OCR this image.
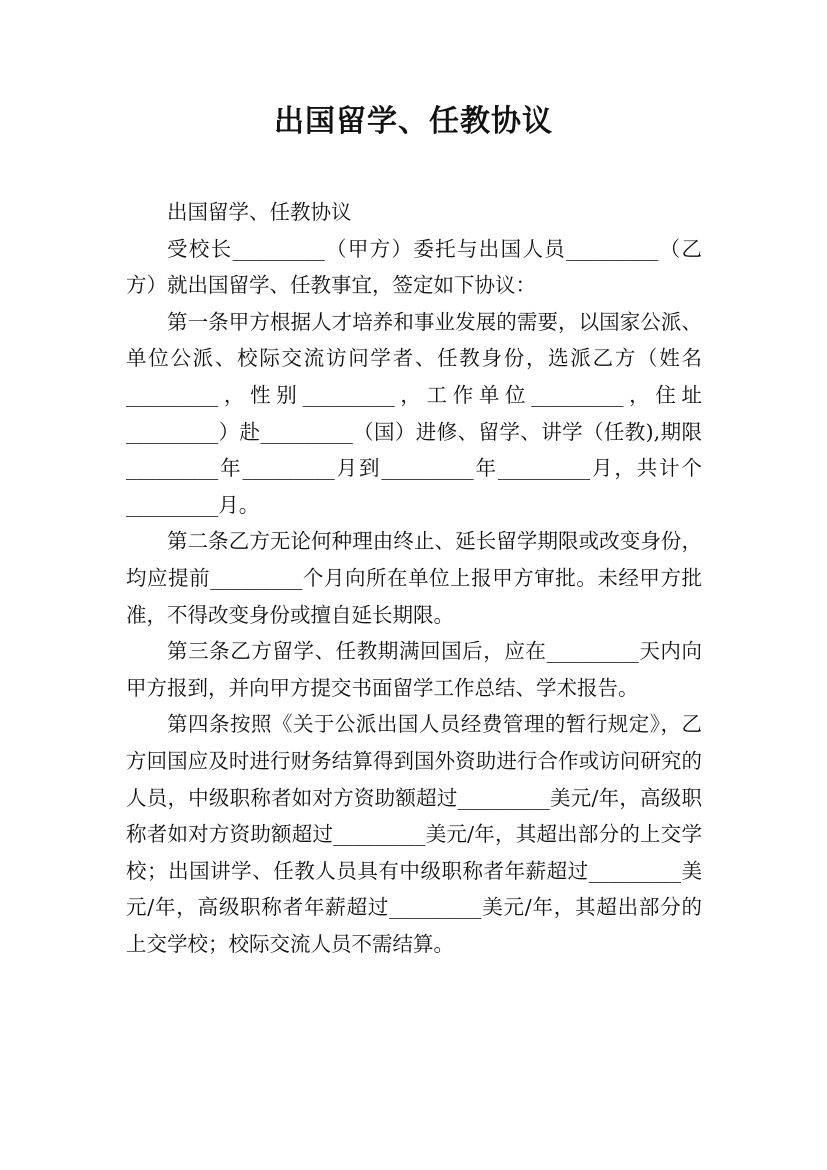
出国留学、任教协议

出国留学、任教协议

受校长_________（甲方）委托与出国人员_________（乙方）就出国留学、任教事宜，签定如下协议：

第一条甲方根据人才培养和事业发展的需要，以国家公派、单位公派、校际交流访问学者、任教身份，选派乙方（姓名_________，性别_________，工作单位_________，住址_________）赴_________（国）进修、留学、讲学（任教),期限_________年_________月到_________年_________月，共计个_________月。

第二条乙方无论何种理由终止、延长留学期限或改变身份，均应提前_________个月向所在单位上报甲方审批。未经甲方批准，不得改变身份或擅自延长期限。

第三条乙方留学、任教期满回国后，应在_________天内向甲方报到，并向甲方提交书面留学工作总结、学术报告。

第四条按照《关于公派出国人员经费管理的暂行规定》，乙方回国应及时进行财务结算得到国外资助进行合作或访问研究的人员，中级职称者如对方资助额超过_________美元/年，高级职称者如对方资助额超过_________美元/年，其超出部分的上交学校；出国讲学、任教人员具有中级职称者年薪超过_________美元/年，高级职称者年薪超过_________美元/年，其超出部分的上交学校；校际交流人员不需结算。
